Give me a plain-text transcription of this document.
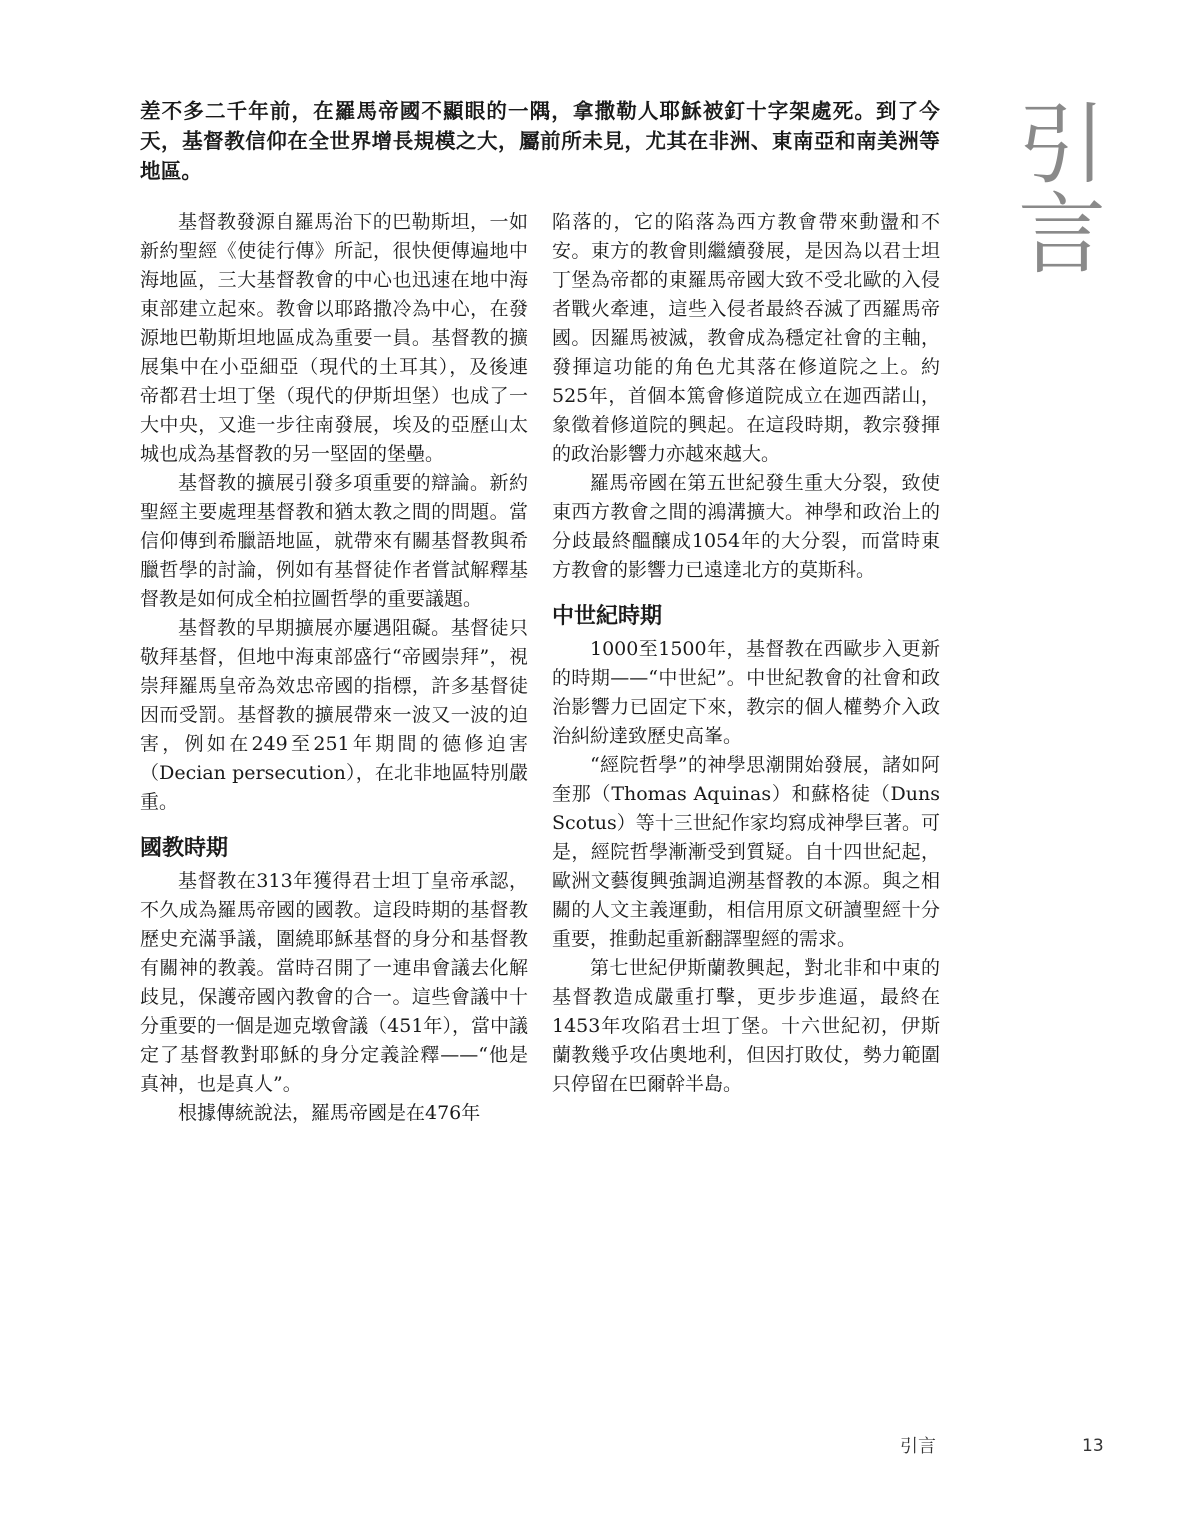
差不多二千年前，在羅馬帝國不顯眼的一隅，拿撒勒人耶穌被釘十字架處死。到了今天，基督教信仰在全世界增長規模之大，屬前所未見，尤其在非洲、東南亞和南美洲等地區。	引
言

基督教發源自羅馬治下的巴勒斯坦，一如新約聖經《使徒行傳》所記，很快便傳遍地中海地區，三大基督教會的中心也迅速在地中海東部建立起來。教會以耶路撒冷為中心，在發源地巴勒斯坦地區成為重要一員。基督教的擴展集中在小亞細亞（現代的土耳其），及後連帝都君士坦丁堡（現代的伊斯坦堡）也成了一大中央，又進一步往南發展，埃及的亞歷山太城也成為基督教的另一堅固的堡壘。

基督教的擴展引發多項重要的辯論。新約聖經主要處理基督教和猶太教之間的問題。當信仰傳到希臘語地區，就帶來有關基督教與希臘哲學的討論，例如有基督徒作者嘗試解釋基督教是如何成全柏拉圖哲學的重要議題。

基督教的早期擴展亦屢遇阻礙。基督徒只敬拜基督，但地中海東部盛行“帝國崇拜”，視崇拜羅馬皇帝為效忠帝國的指標，許多基督徒因而受罰。基督教的擴展帶來一波又一波的迫害，例如在249至251年期間的德修迫害（Decian persecution），在北非地區特別嚴重。

國教時期

基督教在313年獲得君士坦丁皇帝承認，不久成為羅馬帝國的國教。這段時期的基督教歷史充滿爭議，圍繞耶穌基督的身分和基督教有關神的教義。當時召開了一連串會議去化解歧見，保護帝國內教會的合一。這些會議中十分重要的一個是迦克墩會議（451年），當中議定了基督教對耶穌的身分定義詮釋——“他是真神，也是真人”。

根據傳統說法，羅馬帝國是在476年

陷落的，它的陷落為西方教會帶來動盪和不安。東方的教會則繼續發展，是因為以君士坦丁堡為帝都的東羅馬帝國大致不受北歐的入侵者戰火牽連，這些入侵者最終吞滅了西羅馬帝國。因羅馬被滅，教會成為穩定社會的主軸，發揮這功能的角色尤其落在修道院之上。約525年，首個本篤會修道院成立在迦西諾山，象徵着修道院的興起。在這段時期，教宗發揮的政治影響力亦越來越大。

羅馬帝國在第五世紀發生重大分裂，致使東西方教會之間的鴻溝擴大。神學和政治上的分歧最終醞釀成1054年的大分裂，而當時東方教會的影響力已遠達北方的莫斯科。

中世紀時期

1000至1500年，基督教在西歐步入更新的時期——“中世紀”。中世紀教會的社會和政治影響力已固定下來，教宗的個人權勢介入政治糾紛達致歷史高峯。

“經院哲學”的神學思潮開始發展，諸如阿奎那（Thomas Aquinas）和蘇格徒（Duns Scotus）等十三世紀作家均寫成神學巨著。可是，經院哲學漸漸受到質疑。自十四世紀起，歐洲文藝復興強調追溯基督教的本源。與之相關的人文主義運動，相信用原文研讀聖經十分重要，推動起重新翻譯聖經的需求。

第七世紀伊斯蘭教興起，對北非和中東的基督教造成嚴重打擊，更步步進逼，最終在1453年攻陷君士坦丁堡。十六世紀初，伊斯蘭教幾乎攻佔奧地利，但因打敗仗，勢力範圍只停留在巴爾幹半島。

引言	13
